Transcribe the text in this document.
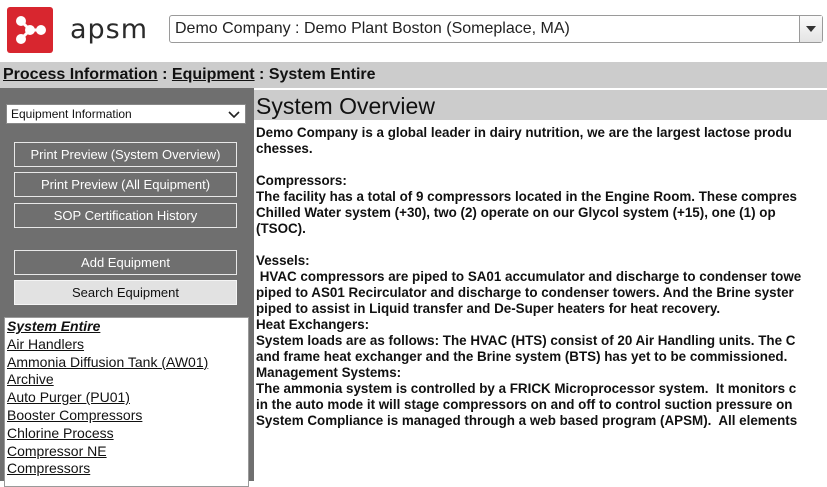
apsm Demo Company : Demo Plant Boston (Someplace, MA)
Process Information : Equipment : System Entire
Equipment Information
Print Preview (System Overview)
Print Preview (All Equipment)
SOP Certification History
Add Equipment
Search Equipment
System Entire
Air Handlers
Ammonia Diffusion Tank (AW01)
Archive
Auto Purger (PU01)
Booster Compressors
Chlorine Process
Compressor NE
Compressors
System Overview
Demo Company is a global leader in dairy nutrition, we are the largest lactose produ
chesses.
Compressors:
The facility has a total of 9 compressors located in the Engine Room. These compres
Chilled Water system (+30), two (2) operate on our Glycol system (+15), one (1) op
(TSOC).
Vessels:
HVAC compressors are piped to SA01 accumulator and discharge to condenser towe
piped to AS01 Recirculator and discharge to condenser towers. And the Brine syster
piped to assist in Liquid transfer and De-Super heaters for heat recovery.
Heat Exchangers:
System loads are as follows: The HVAC (HTS) consist of 20 Air Handling units. The C
and frame heat exchanger and the Brine system (BTS) has yet to be commissioned.
Management Systems:
The ammonia system is controlled by a FRICK Microprocessor system.  It monitors c
in the auto mode it will stage compressors on and off to control suction pressure on
System Compliance is managed through a web based program (APSM).  All elements
